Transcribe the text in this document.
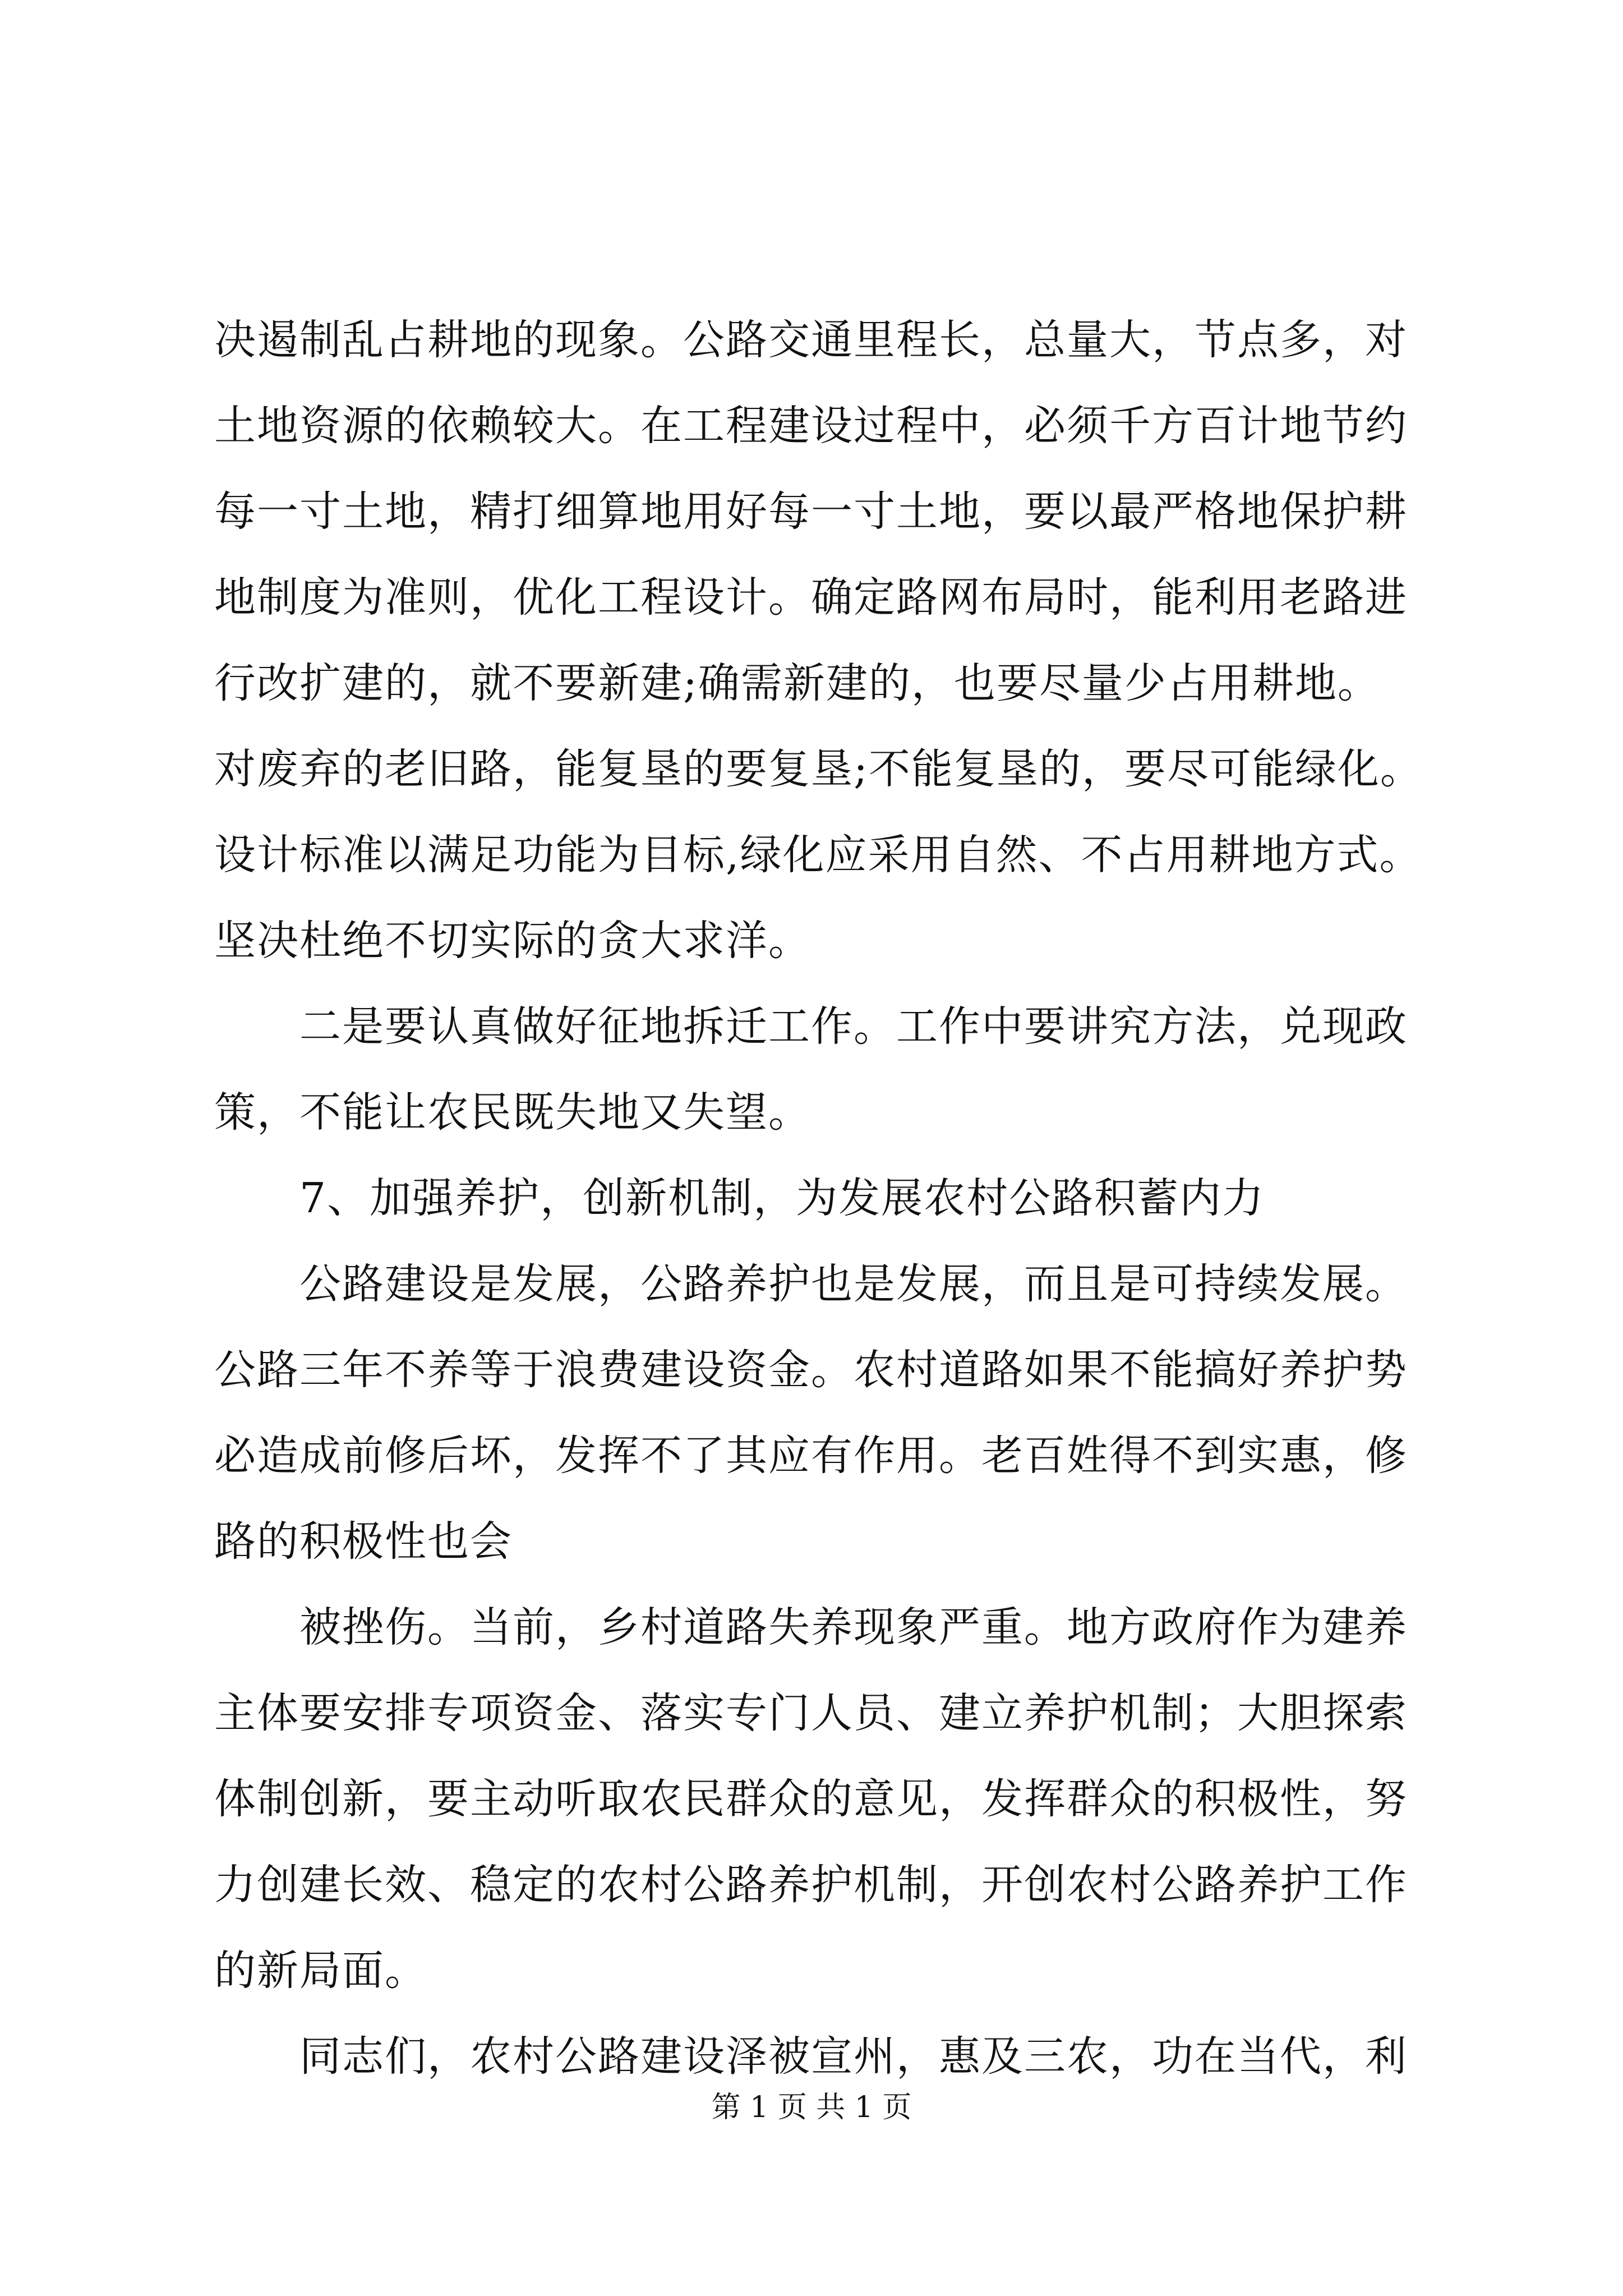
决遏制乱占耕地的现象。公路交通里程长，总量大，节点多，对
土地资源的依赖较大。在工程建设过程中，必须千方百计地节约
每一寸土地，精打细算地用好每一寸土地，要以最严格地保护耕
地制度为准则，优化工程设计。确定路网布局时，能利用老路进
行改扩建的，就不要新建;确需新建的，也要尽量少占用耕地。
对废弃的老旧路，能复垦的要复垦;不能复垦的，要尽可能绿化。
设计标准以满足功能为目标,绿化应采用自然、不占用耕地方式。
坚决杜绝不切实际的贪大求洋。
　　二是要认真做好征地拆迁工作。工作中要讲究方法，兑现政
策，不能让农民既失地又失望。
　　7、加强养护，创新机制，为发展农村公路积蓄内力
　　公路建设是发展，公路养护也是发展，而且是可持续发展。
公路三年不养等于浪费建设资金。农村道路如果不能搞好养护势
必造成前修后坏，发挥不了其应有作用。老百姓得不到实惠，修
路的积极性也会
　　被挫伤。当前，乡村道路失养现象严重。地方政府作为建养
主体要安排专项资金、落实专门人员、建立养护机制；大胆探索
体制创新，要主动听取农民群众的意见，发挥群众的积极性，努
力创建长效、稳定的农村公路养护机制，开创农村公路养护工作
的新局面。
　　同志们，农村公路建设泽被宣州，惠及三农，功在当代，利
第 1 页 共 1 页
